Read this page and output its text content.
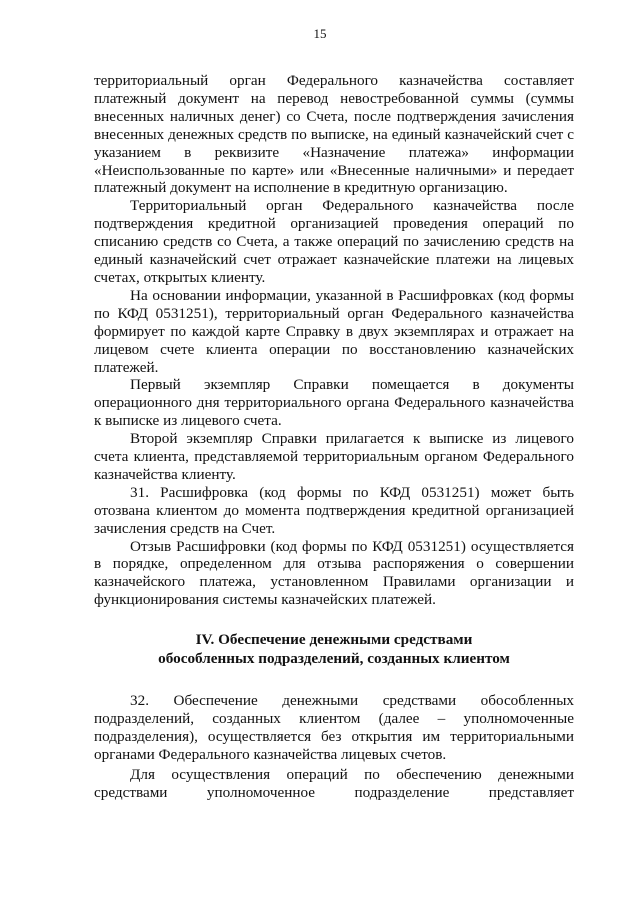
15

территориальный орган Федерального казначейства составляет платежный документ на перевод невостребованной суммы (суммы внесенных наличных денег) со Счета, после подтверждения зачисления внесенных денежных средств по выписке, на единый казначейский счет с указанием в реквизите «Назначение платежа» информации «Неиспользованные по карте» или «Внесенные наличными» и передает платежный документ на исполнение в кредитную организацию.

Территориальный орган Федерального казначейства после подтверждения кредитной организацией проведения операций по списанию средств со Счета, а также операций по зачислению средств на единый казначейский счет отражает казначейские платежи на лицевых счетах, открытых клиенту.

На основании информации, указанной в Расшифровках (код формы по КФД 0531251), территориальный орган Федерального казначейства формирует по каждой карте Справку в двух экземплярах и отражает на лицевом счете клиента операции по восстановлению казначейских платежей.

Первый экземпляр Справки помещается в документы операционного дня территориального органа Федерального казначейства к выписке из лицевого счета.

Второй экземпляр Справки прилагается к выписке из лицевого счета клиента, представляемой территориальным органом Федерального казначейства клиенту.

31. Расшифровка (код формы по КФД 0531251) может быть отозвана клиентом до момента подтверждения кредитной организацией зачисления средств на Счет.

Отзыв Расшифровки (код формы по КФД 0531251) осуществляется в порядке, определенном для отзыва распоряжения о совершении казначейского платежа, установленном Правилами организации и функционирования системы казначейских платежей.

IV. Обеспечение денежными средствами
обособленных подразделений, созданных клиентом

32. Обеспечение денежными средствами обособленных подразделений, созданных клиентом (далее – уполномоченные подразделения), осуществляется без открытия им территориальными органами Федерального казначейства лицевых счетов.

Для осуществления операций по обеспечению денежными средствами уполномоченное подразделение представляет
